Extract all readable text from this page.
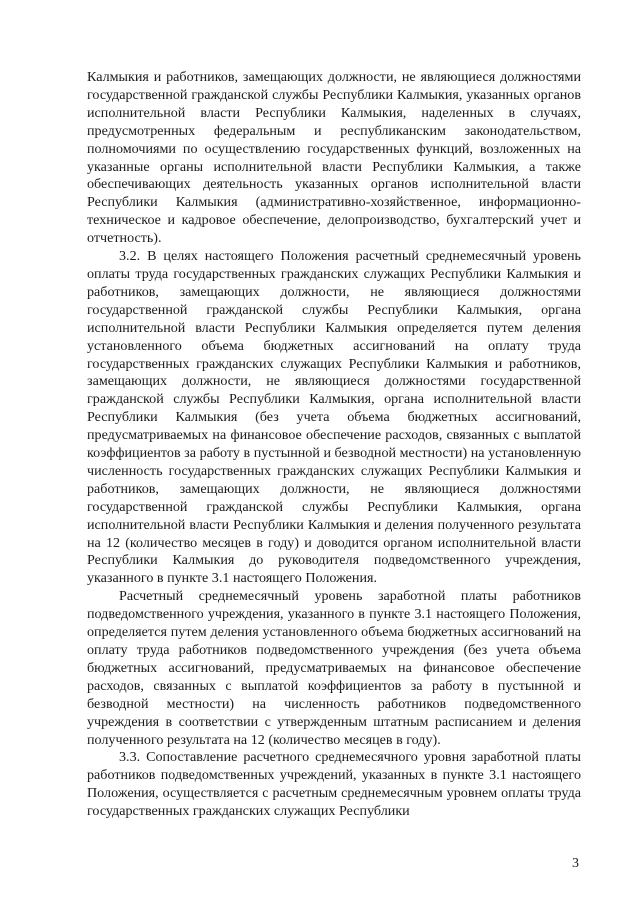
Калмыкия и работников, замещающих должности, не являющиеся должностями государственной гражданской службы Республики Калмыкия, указанных органов исполнительной власти Республики Калмыкия, наделенных в случаях, предусмотренных федеральным и республиканским законодательством, полномочиями по осуществлению государственных функций, возложенных на указанные органы исполнительной власти Республики Калмыкия, а также обеспечивающих деятельность указанных органов исполнительной власти Республики Калмыкия (административно-хозяйственное, информационно-техническое и кадровое обеспечение, делопроизводство, бухгалтерский учет и отчетность).

3.2. В целях настоящего Положения расчетный среднемесячный уровень оплаты труда государственных гражданских служащих Республики Калмыкия и работников, замещающих должности, не являющиеся должностями государственной гражданской службы Республики Калмыкия, органа исполнительной власти Республики Калмыкия определяется путем деления установленного объема бюджетных ассигнований на оплату труда государственных гражданских служащих Республики Калмыкия и работников, замещающих должности, не являющиеся должностями государственной гражданской службы Республики Калмыкия, органа исполнительной власти Республики Калмыкия (без учета объема бюджетных ассигнований, предусматриваемых на финансовое обеспечение расходов, связанных с выплатой коэффициентов за работу в пустынной и безводной местности) на установленную численность государственных гражданских служащих Республики Калмыкия и работников, замещающих должности, не являющиеся должностями государственной гражданской службы Республики Калмыкия, органа исполнительной власти Республики Калмыкия и деления полученного результата на 12 (количество месяцев в году) и доводится органом исполнительной власти Республики Калмыкия до руководителя подведомственного учреждения, указанного в пункте 3.1 настоящего Положения.

Расчетный среднемесячный уровень заработной платы работников подведомственного учреждения, указанного в пункте 3.1 настоящего Положения, определяется путем деления установленного объема бюджетных ассигнований на оплату труда работников подведомственного учреждения (без учета объема бюджетных ассигнований, предусматриваемых на финансовое обеспечение расходов, связанных с выплатой коэффициентов за работу в пустынной и безводной местности) на численность работников подведомственного учреждения в соответствии с утвержденным штатным расписанием и деления полученного результата на 12 (количество месяцев в году).

3.3. Сопоставление расчетного среднемесячного уровня заработной платы работников подведомственных учреждений, указанных в пункте 3.1 настоящего Положения, осуществляется с расчетным среднемесячным уровнем оплаты труда государственных гражданских служащих Республики

3
